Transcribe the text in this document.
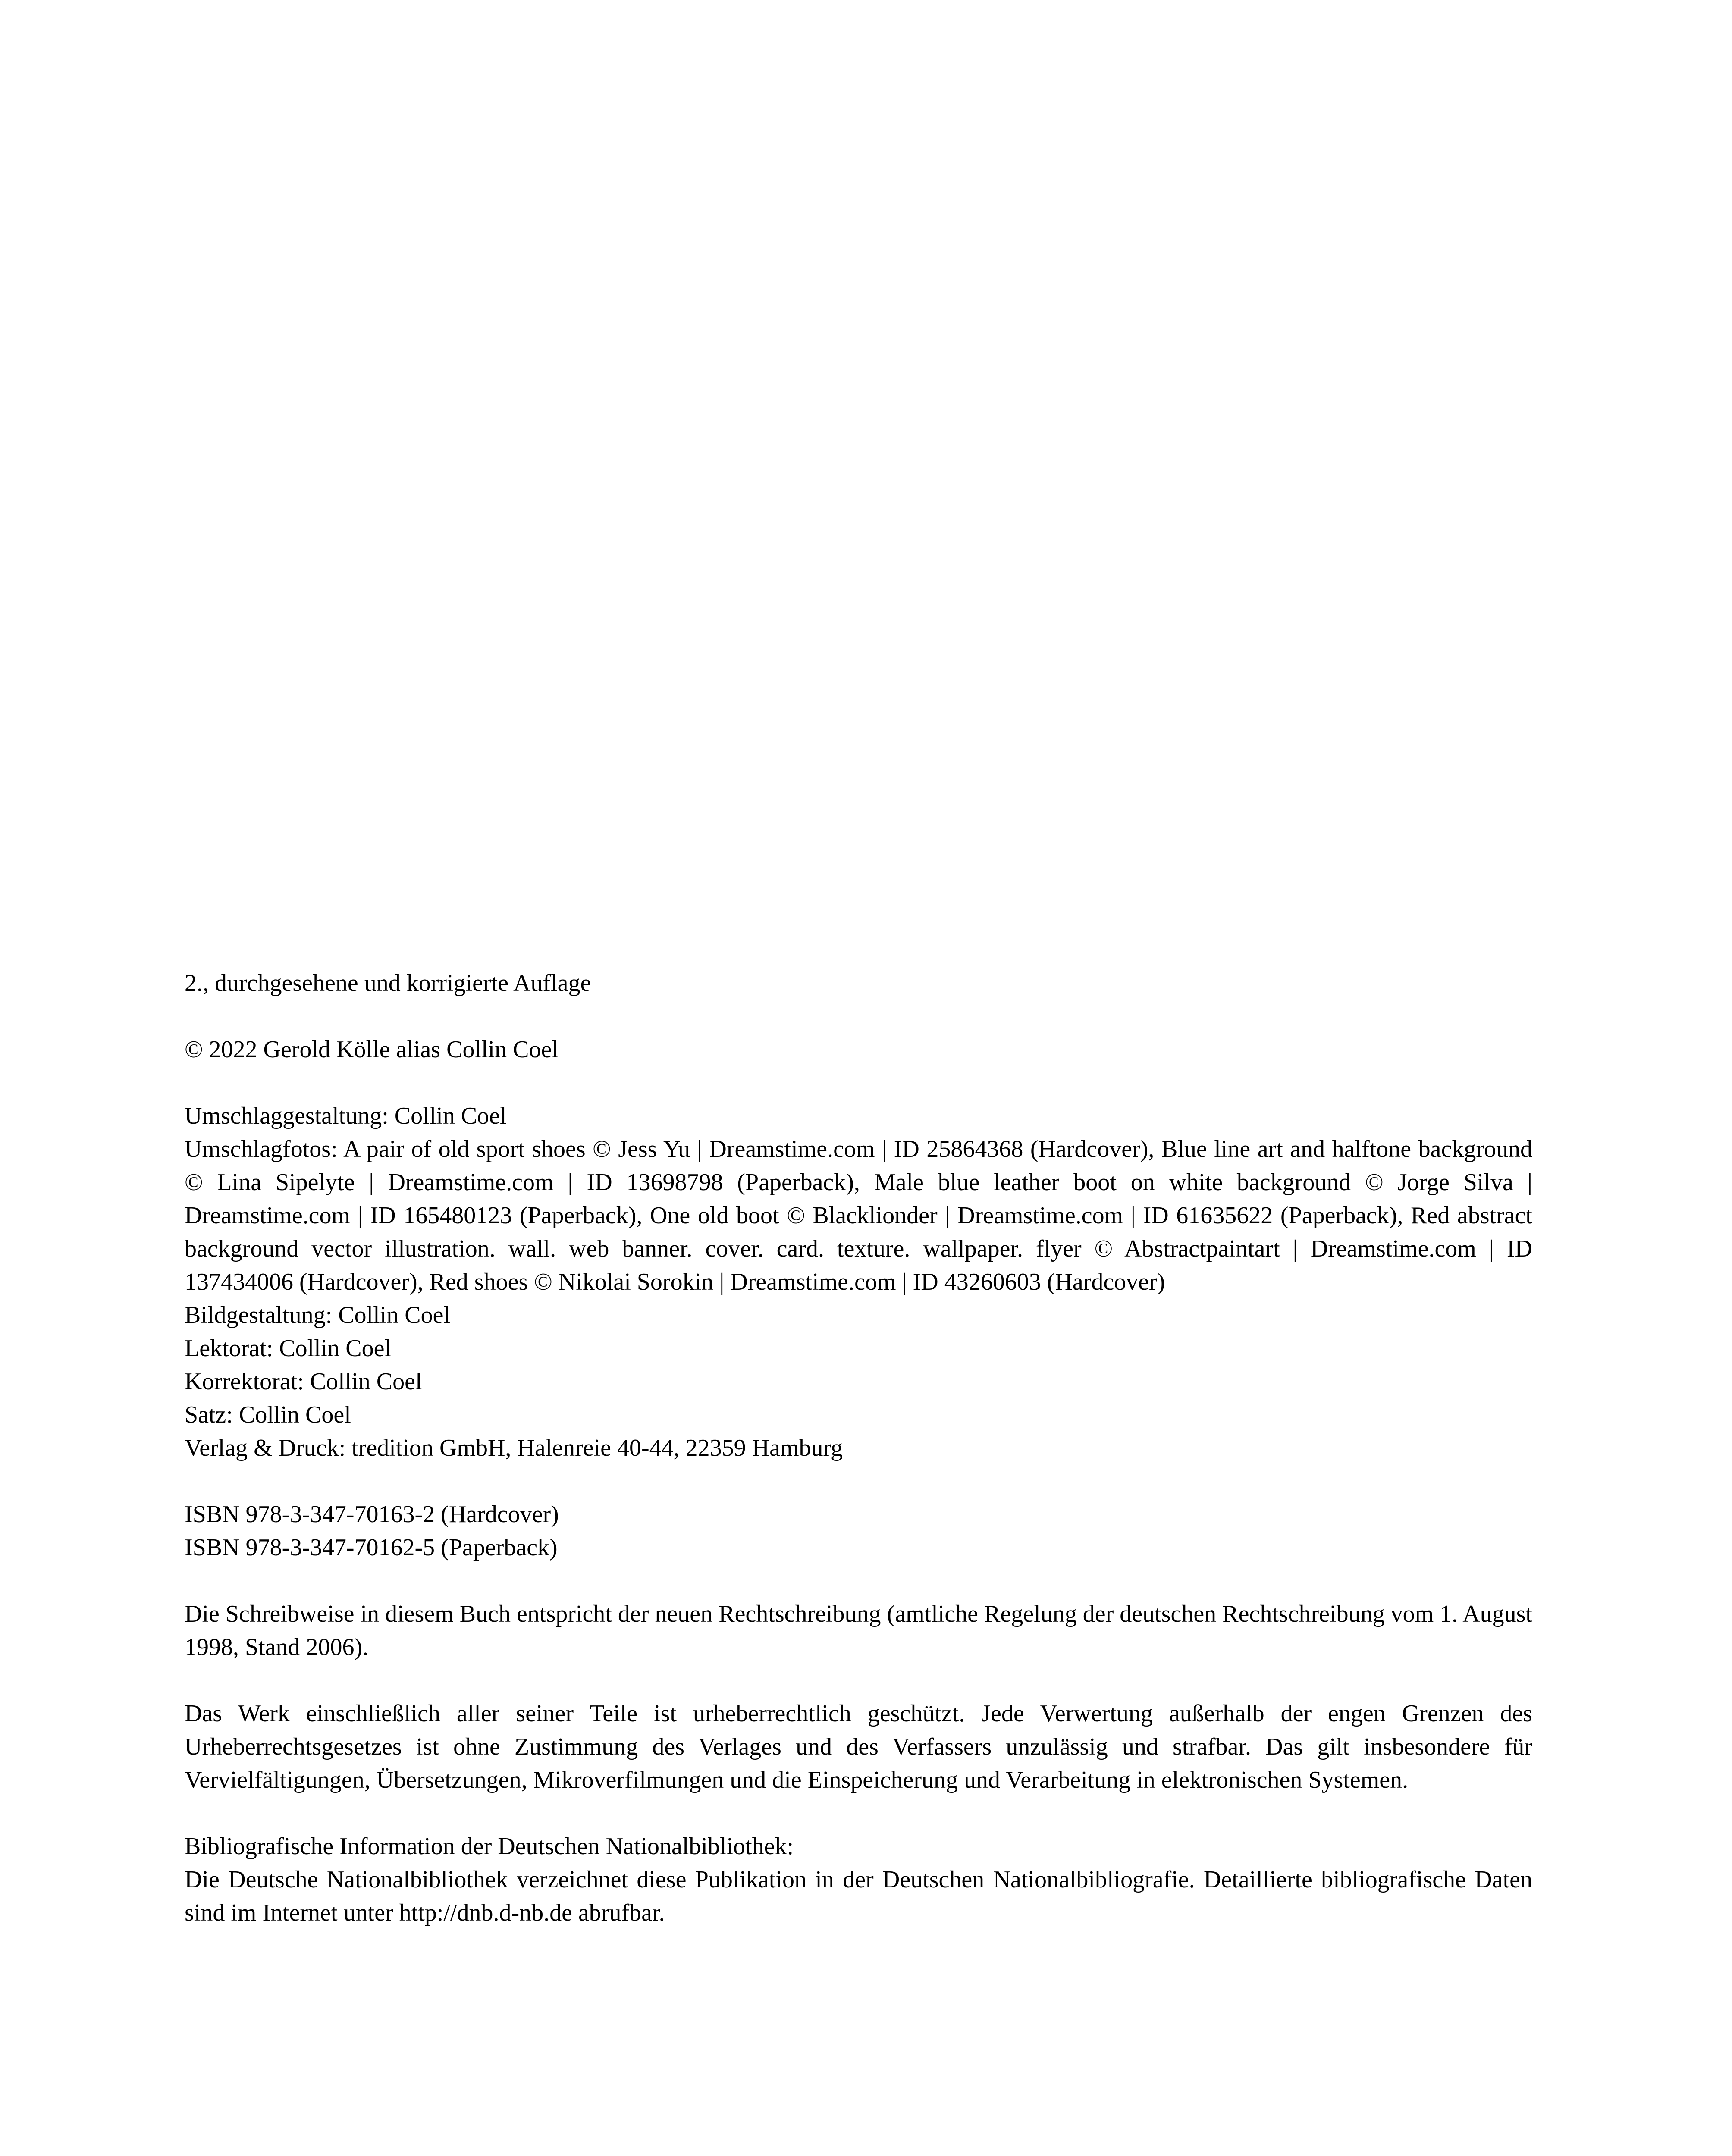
2., durchgesehene und korrigierte Auflage

© 2022 Gerold Kölle alias Collin Coel

Umschlaggestaltung: Collin Coel

Umschlagfotos: A pair of old sport shoes © Jess Yu | Dreamstime.com | ID 25864368 (Hardcover), Blue line art and halftone background © Lina Sipelyte | Dreamstime.com | ID 13698798 (Paperback), Male blue leather boot on white background © Jorge Silva | Dreamstime.com | ID 165480123 (Paperback), One old boot © Blacklionder | Dreamstime.com | ID 61635622 (Paperback), Red abstract background vector illustration. wall. web banner. cover. card. texture. wallpaper. flyer © Abstractpaintart | Dreamstime.com | ID 137434006 (Hardcover), Red shoes © Nikolai Sorokin | Dreamstime.com | ID 43260603 (Hardcover)

Bildgestaltung: Collin Coel

Lektorat: Collin Coel

Korrektorat: Collin Coel

Satz: Collin Coel

Verlag & Druck: tredition GmbH, Halenreie 40-44, 22359 Hamburg

ISBN 978-3-347-70163-2 (Hardcover)

ISBN 978-3-347-70162-5 (Paperback)

Die Schreibweise in diesem Buch entspricht der neuen Rechtschreibung (amtliche Regelung der deutschen Rechtschreibung vom 1. August 1998, Stand 2006).

Das Werk einschließlich aller seiner Teile ist urheberrechtlich geschützt. Jede Verwertung außerhalb der engen Grenzen des Urheberrechtsgesetzes ist ohne Zustimmung des Verlages und des Verfassers unzulässig und strafbar. Das gilt insbesondere für Vervielfältigungen, Übersetzungen, Mikroverfilmungen und die Einspeicherung und Verarbeitung in elektronischen Systemen.

Bibliografische Information der Deutschen Nationalbibliothek:

Die Deutsche Nationalbibliothek verzeichnet diese Publikation in der Deutschen Nationalbibliografie. Detaillierte bibliografische Daten sind im Internet unter http://dnb.d-nb.de abrufbar.
